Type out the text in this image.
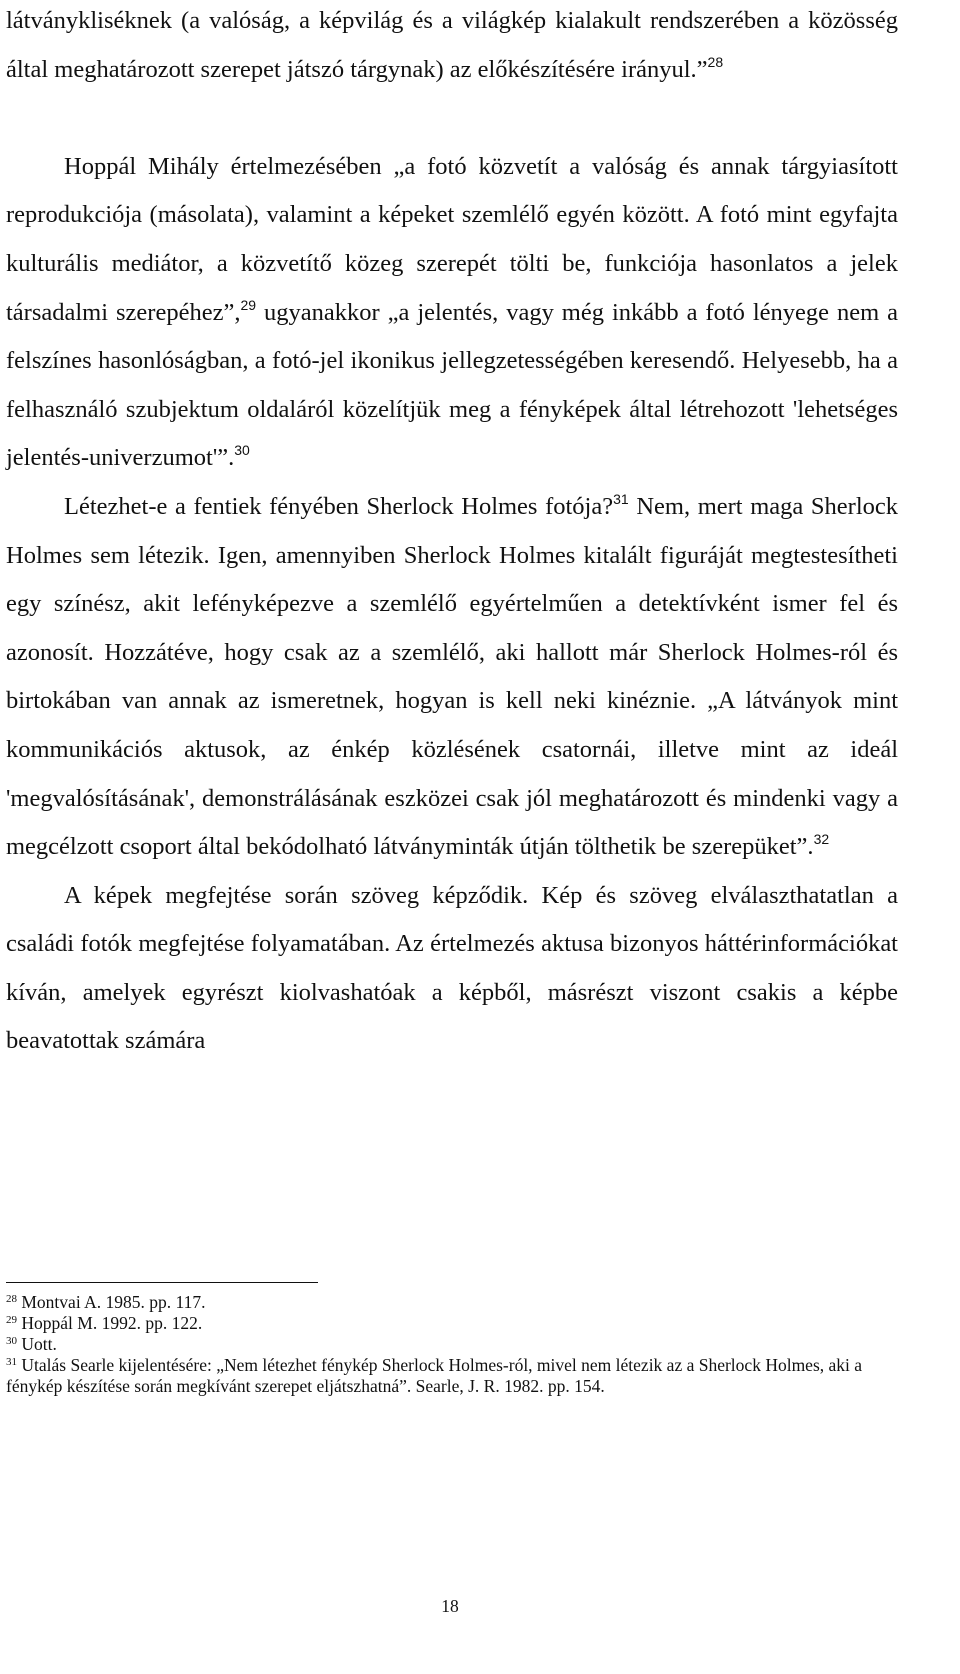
látványkliséknek (a valóság, a képvilág és a világkép kialakult rendszerében a közösség által meghatározott szerepet játszó tárgynak) az előkészítésére irányul.”$^{28}$

Hoppál Mihály értelmezésében „a fotó közvetít a valóság és annak tárgyiasított reprodukciója (másolata), valamint a képeket szemlélő egyén között. A fotó mint egyfajta kulturális mediátor, a közvetítő közeg szerepét tölti be, funkciója hasonlatos a jelek társadalmi szerepéhez”,$^{29}$ ugyanakkor „a jelentés, vagy még inkább a fotó lényege nem a felszínes hasonlóságban, a fotó-jel ikonikus jellegzetességében keresendő. Helyesebb, ha a felhasználó szubjektum oldaláról közelítjük meg a fényképek által létrehozott 'lehetséges jelentés-univerzumot'”.$^{30}$

Létezhet-e a fentiek fényében Sherlock Holmes fotója?$^{31}$ Nem, mert maga Sherlock Holmes sem létezik. Igen, amennyiben Sherlock Holmes kitalált figuráját megtestesítheti egy színész, akit lefényképezve a szemlélő egyértelműen a detektívként ismer fel és azonosít. Hozzátéve, hogy csak az a szemlélő, aki hallott már Sherlock Holmes-ról és birtokában van annak az ismeretnek, hogyan is kell neki kinéznie. „A látványok mint kommunikációs aktusok, az énkép közlésének csatornái, illetve mint az ideál 'megvalósításának', demonstrálásának eszközei csak jól meghatározott és mindenki vagy a megcélzott csoport által bekódolható látványminták útján tölthetik be szerepüket”.$^{32}$

A képek megfejtése során szöveg képződik. Kép és szöveg elválaszthatatlan a családi fotók megfejtése folyamatában. Az értelmezés aktusa bizonyos háttérinformációkat kíván, amelyek egyrészt kiolvashatóak a képből, másrészt viszont csakis a képbe beavatottak számára

$^{28}$ Montvai A. 1985. pp. 117.

$^{29}$ Hoppál M. 1992. pp. 122.

$^{30}$ Uott.

$^{31}$ Utalás Searle kijelentésére: „Nem létezhet fénykép Sherlock Holmes-ról, mivel nem létezik az a Sherlock Holmes, aki a fénykép készítése során megkívánt szerepet eljátszhatná”. Searle, J. R. 1982. pp. 154.

18
